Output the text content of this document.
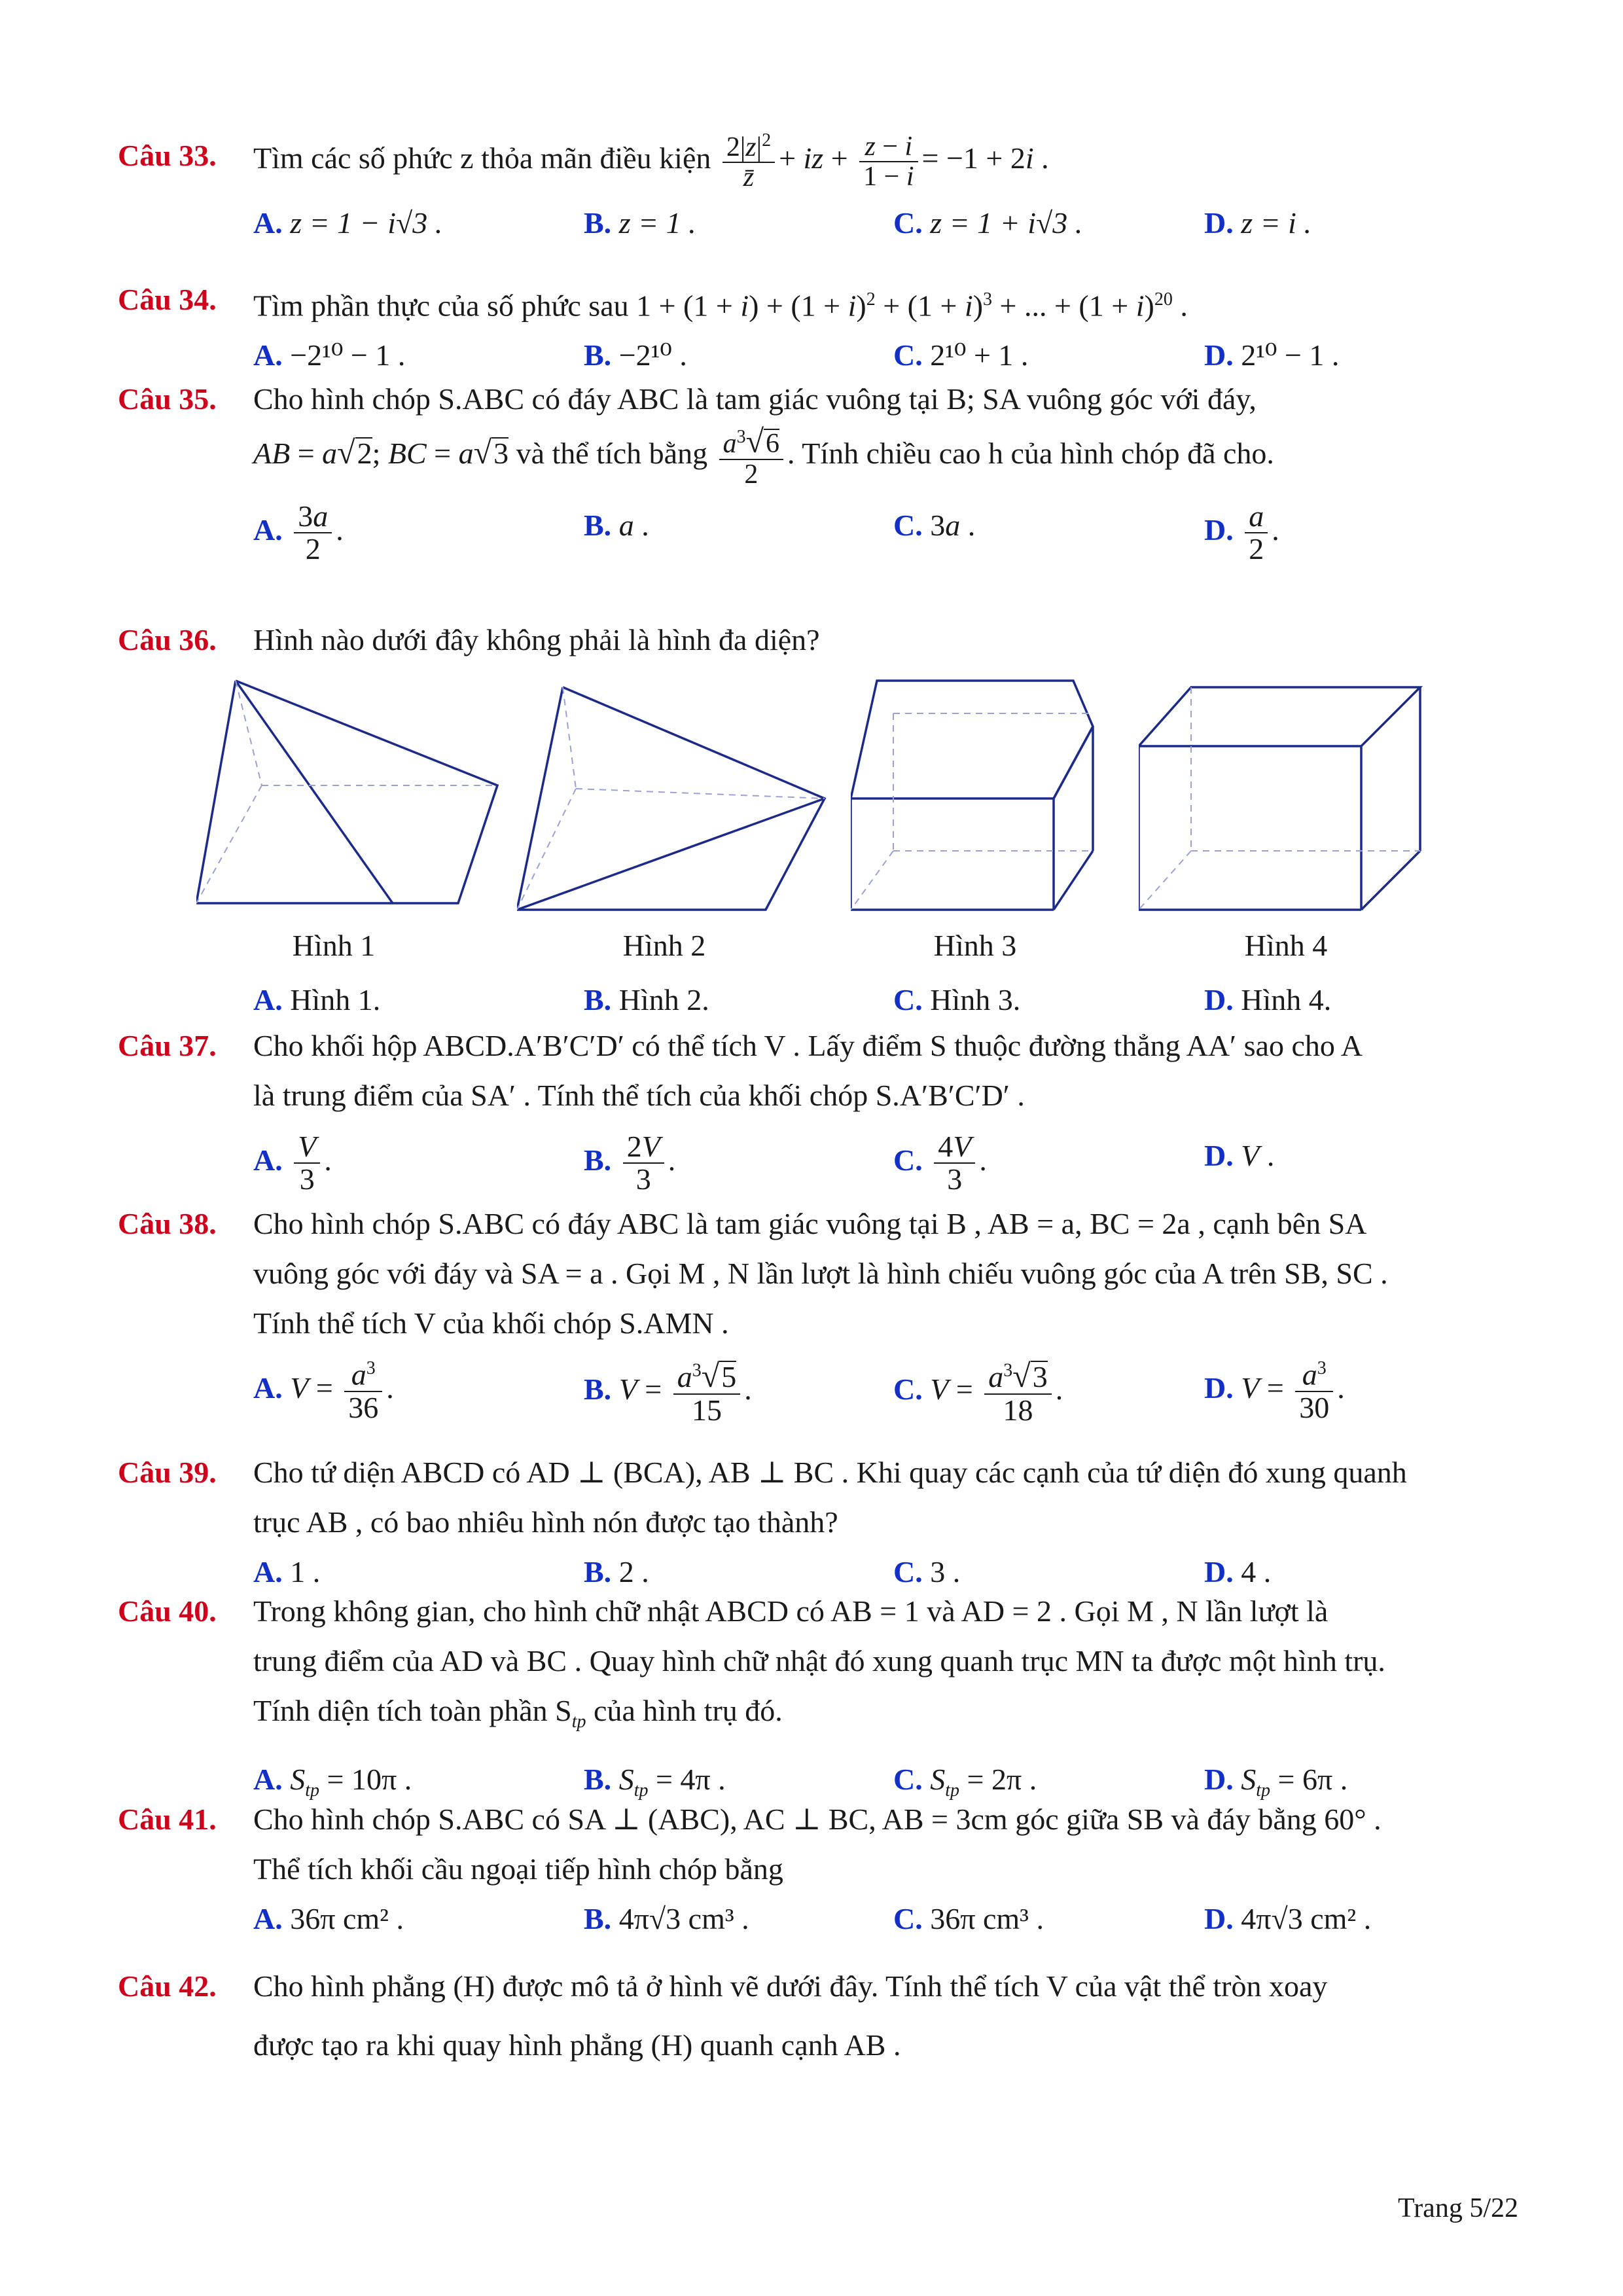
Câu 33. Tìm các số phức z thỏa mãn điều kiện $\frac{2|z|^2}{z̄}$ + iz + $\frac{z - i}{1 - i} = -1 + 2i$ .
A. z = 1 − i√3 .	B. z = 1 .	C. z = 1 + i√3 .	D. z = i .
Câu 34. Tìm phần thực của số phức sau $1 + (1 + i) + (1 + i)^2 + (1 + i)^3$ + ... + $(1 + i)^{20}$ .
A. −2¹⁰ − 1 .	B. −2¹⁰ .	C. 2¹⁰ + 1 .	D. 2¹⁰ − 1 .
Câu 35. Cho hình chóp S.ABC có đáy ABC là tam giác vuông tại B; SA vuông góc với đáy,
AB = a√2; BC = a√3 và thể tích bằng $\frac{a^3√6}{2}$ . Tính chiều cao h của hình chóp đã cho.
A. $\frac{3a}{2}$ .	B. a .	C. 3a .	D. $\frac{a}{2}$ .
Câu 36. Hình nào dưới đây không phải là hình đa diện?
Hình 1	Hình 2	Hình 3	Hình 4
A. Hình 1.	B. Hình 2.	C. Hình 3.	D. Hình 4.
Câu 37. Cho khối hộp ABCD.A′B′C′D′ có thể tích V . Lấy điểm S thuộc đường thẳng AA′ sao cho A
là trung điểm của SA′ . Tính thể tích của khối chóp S.A′B′C′D′ .
A. $\frac{V}{3}$ .	B. $\frac{2V}{3}$ .	C. $\frac{4V}{3}$ .	D. V .
Câu 38. Cho hình chóp S.ABC có đáy ABC là tam giác vuông tại B , AB = a, BC = 2a , cạnh bên SA
vuông góc với đáy và SA = a . Gọi M , N lần lượt là hình chiếu vuông góc của A trên SB, SC .
Tính thể tích V của khối chóp S.AMN .
A. $V = \frac{a^3}{36}$ .	B. $V = \frac{a^3√5}{15}$ .	C. $V = \frac{a^3√3}{18}$ .	D. $V = \frac{a^3}{30}$ .
Câu 39. Cho tứ diện ABCD có AD ⊥ (BCA), AB ⊥ BC . Khi quay các cạnh của tứ diện đó xung quanh
trục AB , có bao nhiêu hình nón được tạo thành?
A. 1 .	B. 2 .	C. 3 .	D. 4 .
Câu 40. Trong không gian, cho hình chữ nhật ABCD có AB = 1 và AD = 2 . Gọi M , N lần lượt là
trung điểm của AD và BC . Quay hình chữ nhật đó xung quanh trục MN ta được một hình trụ.
Tính diện tích toàn phần $S_{tp}$ của hình trụ đó.
A. $S_{tp} = 10\pi$ .	B. $S_{tp} = 4\pi$ .	C. $S_{tp} = 2\pi$ .	D. $S_{tp} = 6\pi$ .
Câu 41. Cho hình chóp S.ABC có SA ⊥ (ABC), AC ⊥ BC, AB = 3cm góc giữa SB và đáy bằng 60° .
Thể tích khối cầu ngoại tiếp hình chóp bằng
A. 36π cm² .	B. 4π√3 cm³ .	C. 36π cm³ .	D. 4π√3 cm² .
Câu 42. Cho hình phẳng (H) được mô tả ở hình vẽ dưới đây. Tính thể tích V của vật thể tròn xoay
được tạo ra khi quay hình phẳng (H) quanh cạnh AB .
Trang 5/22
